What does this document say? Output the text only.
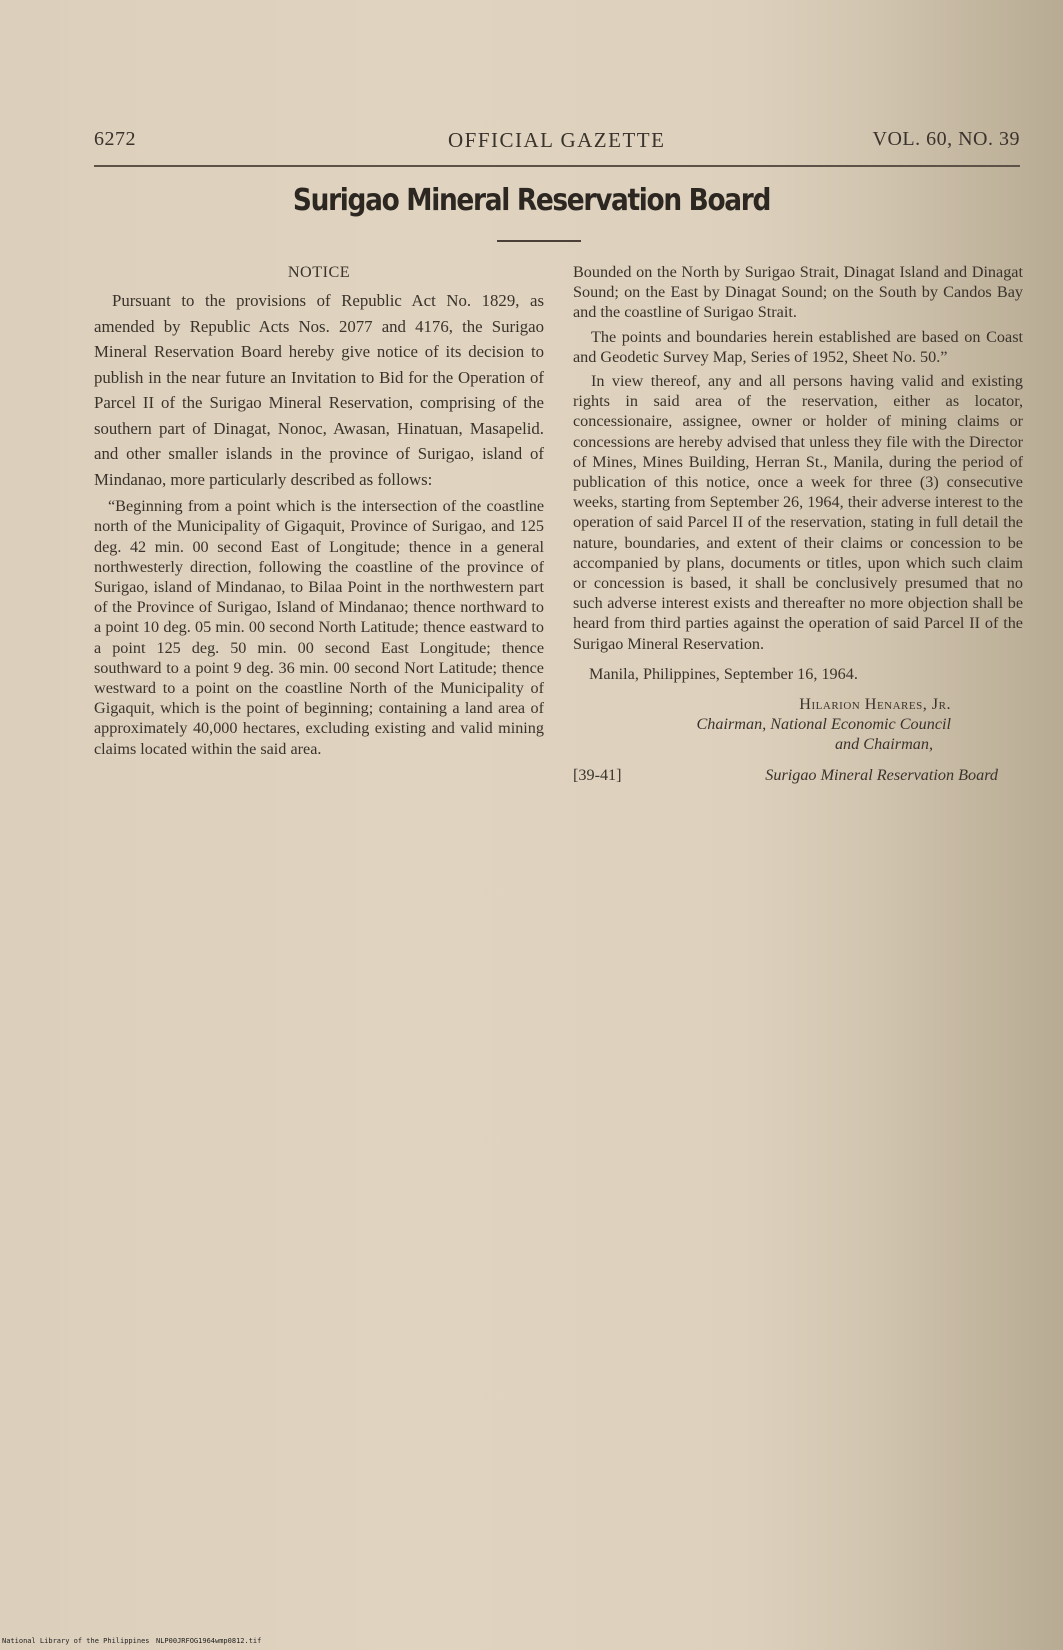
6272	OFFICIAL GAZETTE	VOL. 60, NO. 39
Surigao Mineral Reservation Board

NOTICE

Pursuant to the provisions of Republic Act No. 1829, as amended by Republic Acts Nos. 2077 and 4176, the Surigao Mineral Reservation Board hereby give notice of its decision to publish in the near future an Invitation to Bid for the Operation of Parcel II of the Surigao Mineral Reservation, comprising of the southern part of Dinagat, Nonoc, Awasan, Hinatuan, Masapelid. and other smaller islands in the province of Surigao, island of Mindanao, more particularly described as follows:

“Beginning from a point which is the intersection of the coastline north of the Municipality of Gigaquit, Province of Surigao, and 125 deg. 42 min. 00 second East of Longitude; thence in a general northwesterly direction, following the coastline of the province of Surigao, island of Mindanao, to Bilaa Point in the northwestern part of the Province of Surigao, Island of Mindanao; thence northward to a point 10 deg. 05 min. 00 second North Latitude; thence eastward to a point 125 deg. 50 min. 00 second East Longitude; thence southward to a point 9 deg. 36 min. 00 second Nort Latitude; thence westward to a point on the coastline North of the Municipality of Gigaquit, which is the point of beginning; containing a land area of approximately 40,000 hectares, excluding existing and valid mining claims located within the said area.

Bounded on the North by Surigao Strait, Dinagat Island and Dinagat Sound; on the East by Dinagat Sound; on the South by Candos Bay and the coastline of Surigao Strait.

The points and boundaries herein established are based on Coast and Geodetic Survey Map, Series of 1952, Sheet No. 50.”

In view thereof, any and all persons having valid and existing rights in said area of the reservation, either as locator, concessionaire, assignee, owner or holder of mining claims or concessions are hereby advised that unless they file with the Director of Mines, Mines Building, Herran St., Manila, during the period of publication of this notice, once a week for three (3) consecutive weeks, starting from September 26, 1964, their adverse interest to the operation of said Parcel II of the reservation, stating in full detail the nature, boundaries, and extent of their claims or concession to be accompanied by plans, documents or titles, upon which such claim or concession is based, it shall be conclusively presumed that no such adverse interest exists and thereafter no more objection shall be heard from third parties against the operation of said Parcel II of the Surigao Mineral Reservation.

Manila, Philippines, September 16, 1964.

Hilarion Henares, Jr.

Chairman, National Economic Council

and Chairman,

[39-41]	Surigao Mineral Reservation Board
National Library of the Philippines NLP00JRFOG1964wmp0812.tif
